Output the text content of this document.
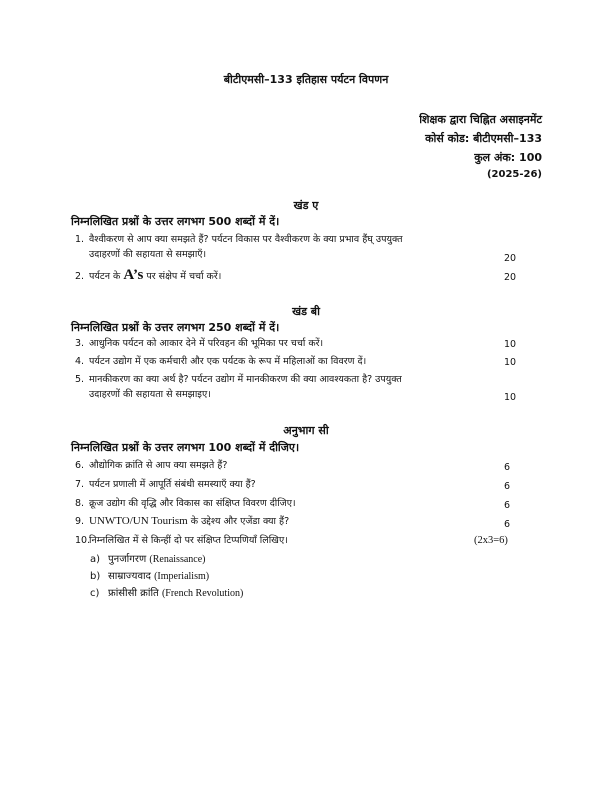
बीटीएमसी–133 इतिहास पर्यटन विपणन
शिक्षक द्वारा चिह्नित असाइनमेंट
कोर्स कोड: बीटीएमसी–133
कुल अंक: 100
(2025-26)
खंड ए
निम्नलिखित प्रश्नों के उत्तर लगभग 500 शब्दों में दें।
1. वैश्वीकरण से आप क्या समझते हैं? पर्यटन विकास पर वैश्वीकरण के क्या प्रभाव हैंघ् उपयुक्त
उदाहरणों की सहायता से समझाएँ।	20
2. पर्यटन के A’s पर संक्षेप में चर्चा करें।	20
खंड बी
निम्नलिखित प्रश्नों के उत्तर लगभग 250 शब्दों में दें।
3. आधुनिक पर्यटन को आकार देने में परिवहन की भूमिका पर चर्चा करें।	10
4. पर्यटन उद्योग में एक कर्मचारी और एक पर्यटक के रूप में महिलाओं का विवरण दें।	10
5. मानकीकरण का क्या अर्थ है? पर्यटन उद्योग में मानकीकरण की क्या आवश्यकता है? उपयुक्त
उदाहरणों की सहायता से समझाइए।	10
अनुभाग सी
निम्नलिखित प्रश्नों के उत्तर लगभग 100 शब्दों में दीजिए।
6. औद्योगिक क्रांति से आप क्या समझते हैं?	6
7. पर्यटन प्रणाली में आपूर्ति संबंधी समस्याएँ क्या हैं?	6
8. क्रूज उद्योग की वृद्धि और विकास का संक्षिप्त विवरण दीजिए।	6
9. UNWTO/UN Tourism के उद्देश्य और एजेंडा क्या हैं?	6
10.निम्नलिखित में से किन्हीं दो पर संक्षिप्त टिप्पणियाँ लिखिए।	(2x3=6)
a) पुनर्जागरण (Renaissance)
b) साम्राज्यवाद (Imperialism)
c) फ्रांसीसी क्रांति (French Revolution)
